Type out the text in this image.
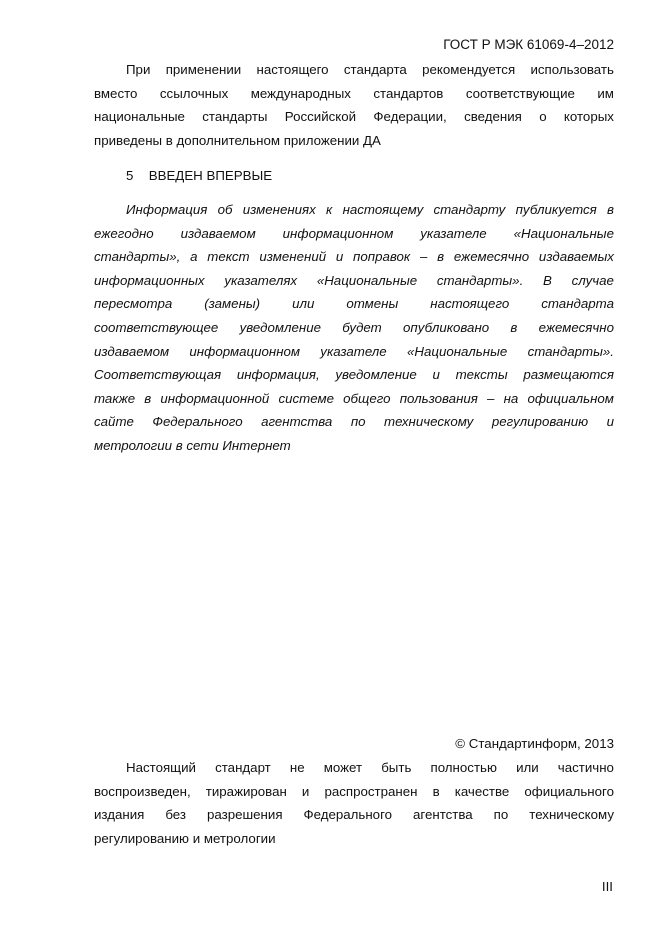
ГОСТ Р МЭК 61069-4–2012
При применении настоящего стандарта рекомендуется использовать
вместо ссылочных международных стандартов соответствующие им
национальные стандарты Российской Федерации, сведения о которых
приведены в дополнительном приложении ДА
5 ВВЕДЕН ВПЕРВЫЕ
Информация об изменениях к настоящему стандарту публикуется в
ежегодно издаваемом информационном указателе «Национальные
стандарты», а текст изменений и поправок – в ежемесячно издаваемых
информационных указателях «Национальные стандарты». В случае
пересмотра (замены) или отмены настоящего стандарта
соответствующее уведомление будет опубликовано в ежемесячно
издаваемом информационном указателе «Национальные стандарты».
Соответствующая информация, уведомление и тексты размещаются
также в информационной системе общего пользования – на официальном
сайте Федерального агентства по техническому регулированию и
метрологии в сети Интернет
© Стандартинформ, 2013
Настоящий стандарт не может быть полностью или частично
воспроизведен, тиражирован и распространен в качестве официального
издания без разрешения Федерального агентства по техническому
регулированию и метрологии
III
